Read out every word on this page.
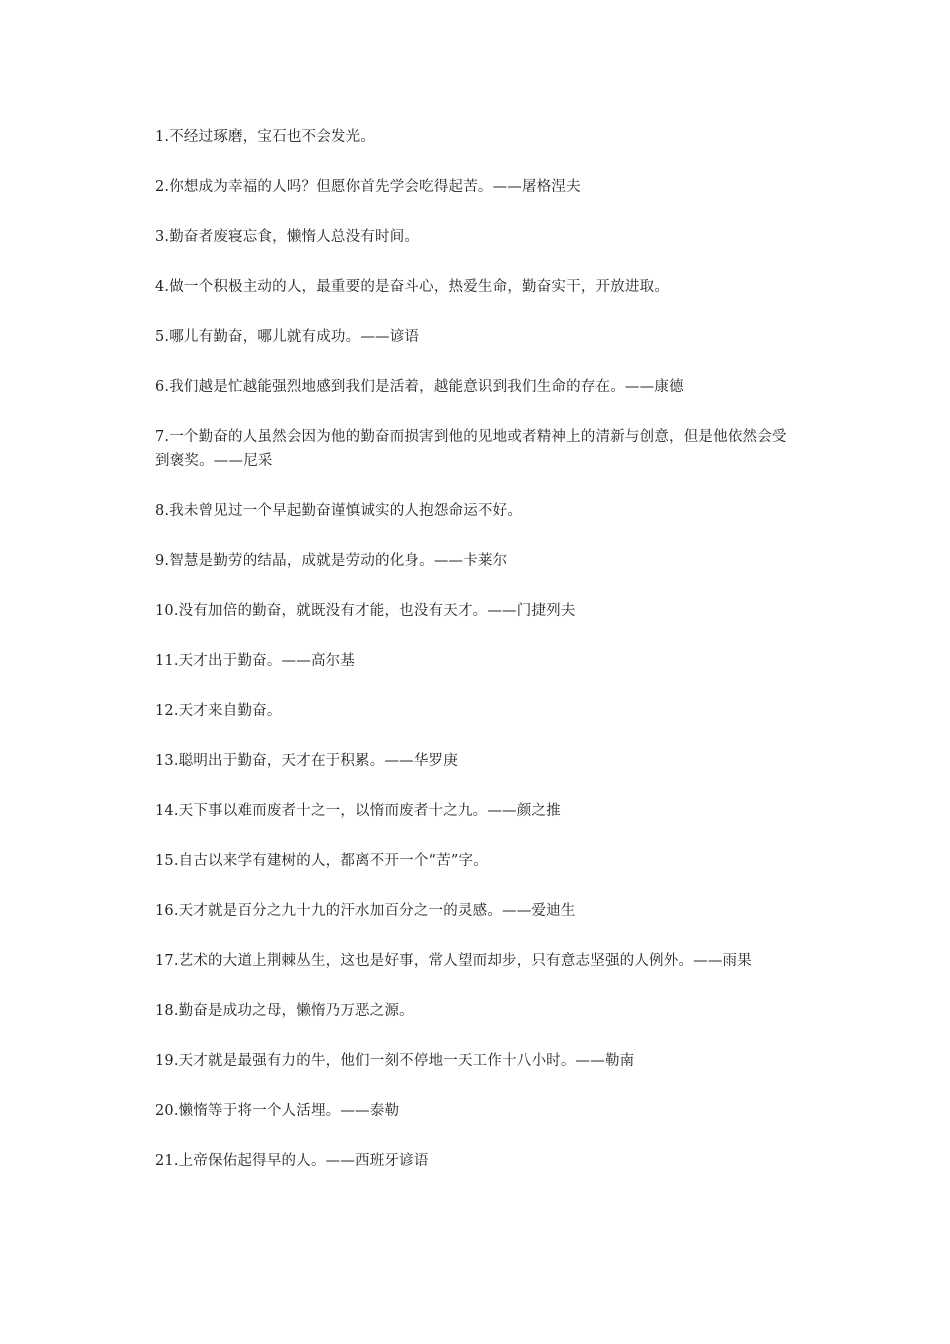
1.不经过琢磨，宝石也不会发光。
2.你想成为幸福的人吗？但愿你首先学会吃得起苦。——屠格涅夫
3.勤奋者废寝忘食，懒惰人总没有时间。
4.做一个积极主动的人，最重要的是奋斗心，热爱生命，勤奋实干，开放进取。
5.哪儿有勤奋，哪儿就有成功。——谚语
6.我们越是忙越能强烈地感到我们是活着，越能意识到我们生命的存在。——康德
7.一个勤奋的人虽然会因为他的勤奋而损害到他的见地或者精神上的清新与创意，但是他依然会受到褒奖。——尼采
8.我未曾见过一个早起勤奋谨慎诚实的人抱怨命运不好。
9.智慧是勤劳的结晶，成就是劳动的化身。——卡莱尔
10.没有加倍的勤奋，就既没有才能，也没有天才。——门捷列夫
11.天才出于勤奋。——高尔基
12.天才来自勤奋。
13.聪明出于勤奋，天才在于积累。——华罗庚
14.天下事以难而废者十之一，以惰而废者十之九。——颜之推
15.自古以来学有建树的人，都离不开一个“苦”字。
16.天才就是百分之九十九的汗水加百分之一的灵感。——爱迪生
17.艺术的大道上荆棘丛生，这也是好事，常人望而却步，只有意志坚强的人例外。——雨果
18.勤奋是成功之母，懒惰乃万恶之源。
19.天才就是最强有力的牛，他们一刻不停地一天工作十八小时。——勒南
20.懒惰等于将一个人活埋。——泰勒
21.上帝保佑起得早的人。——西班牙谚语
